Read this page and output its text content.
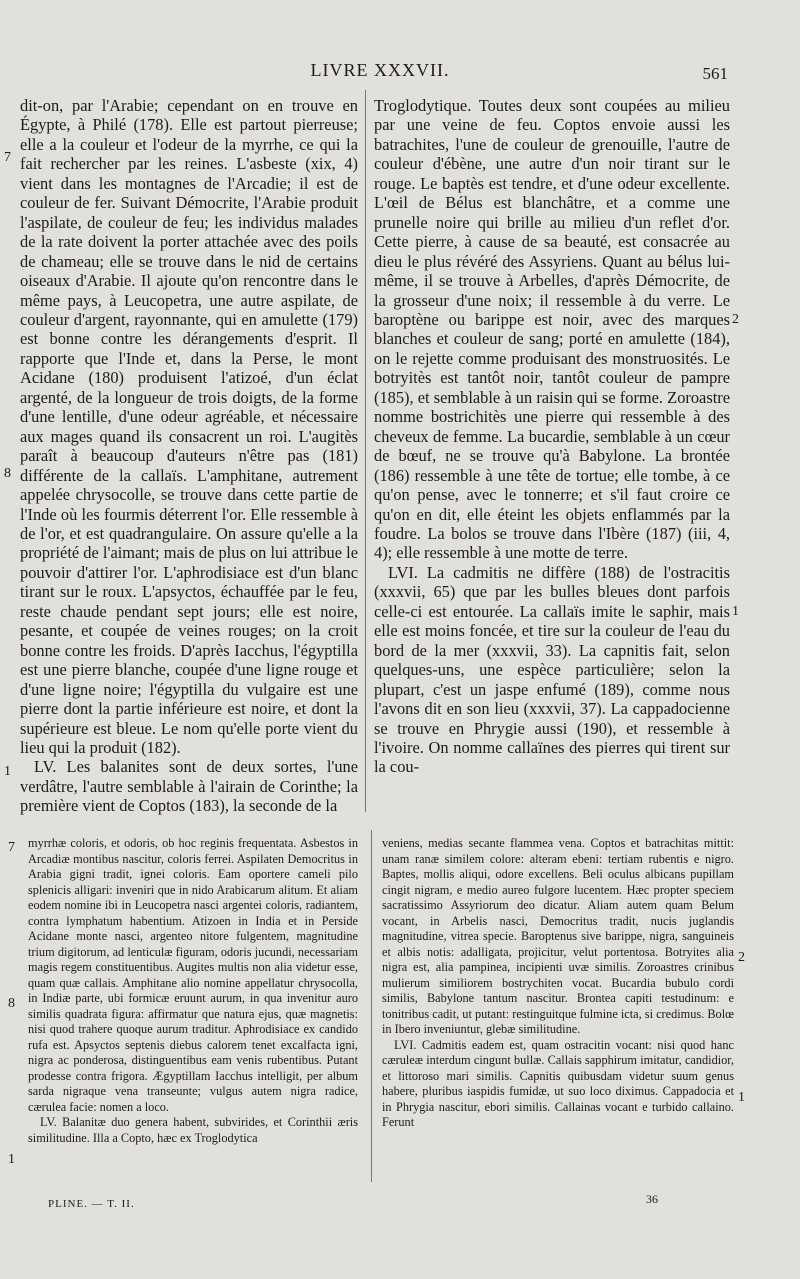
LIVRE XXXVII.	561

dit-on, par l'Arabie; cependant on en trouve en Égypte, à Philé (178). Elle est partout pierreuse; elle a la couleur et l'odeur de la myrrhe, ce qui la fait rechercher par les reines. L'asbeste (xix, 4) vient dans les montagnes de l'Arcadie; il est de couleur de fer. Suivant Démocrite, l'Arabie produit l'aspilate, de couleur de feu; les individus malades de la rate doivent la porter attachée avec des poils de chameau; elle se trouve dans le nid de certains oiseaux d'Arabie. Il ajoute qu'on rencontre dans le même pays, à Leucopetra, une autre aspilate, de couleur d'argent, rayonnante, qui en amulette (179) est bonne contre les dérangements d'esprit. Il rapporte que l'Inde et, dans la Perse, le mont Acidane (180) produisent l'atizoé, d'un éclat argenté, de la longueur de trois doigts, de la forme d'une lentille, d'une odeur agréable, et nécessaire aux mages quand ils consacrent un roi. L'augitès paraît à beaucoup d'auteurs n'être pas (181) différente de la callaïs. L'amphitane, autrement appelée chrysocolle, se trouve dans cette partie de l'Inde où les fourmis déterrent l'or. Elle ressemble à de l'or, et est quadrangulaire. On assure qu'elle a la propriété de l'aimant; mais de plus on lui attribue le pouvoir d'attirer l'or. L'aphrodisiace est d'un blanc tirant sur le roux. L'apsyctos, échauffée par le feu, reste chaude pendant sept jours; elle est noire, pesante, et coupée de veines rouges; on la croit bonne contre les froids. D'après Iacchus, l'égyptilla est une pierre blanche, coupée d'une ligne rouge et d'une ligne noire; l'égyptilla du vulgaire est une pierre dont la partie inférieure est noire, et dont la supérieure est bleue. Le nom qu'elle porte vient du lieu qui la produit (182).

LV. Les balanites sont de deux sortes, l'une verdâtre, l'autre semblable à l'airain de Corinthe; la première vient de Coptos (183), la seconde de la

Troglodytique. Toutes deux sont coupées au milieu par une veine de feu. Coptos envoie aussi les batrachites, l'une de couleur de grenouille, l'autre de couleur d'ébène, une autre d'un noir tirant sur le rouge. Le baptès est tendre, et d'une odeur excellente. L'œil de Bélus est blanchâtre, et a comme une prunelle noire qui brille au milieu d'un reflet d'or. Cette pierre, à cause de sa beauté, est consacrée au dieu le plus révéré des Assyriens. Quant au bélus lui-même, il se trouve à Arbelles, d'après Démocrite, de la grosseur d'une noix; il ressemble à du verre. Le baroptène ou barippe est noir, avec des marques blanches et couleur de sang; porté en amulette (184), on le rejette comme produisant des monstruosités. Le botryitès est tantôt noir, tantôt couleur de pampre (185), et semblable à un raisin qui se forme. Zoroastre nomme bostrichitès une pierre qui ressemble à des cheveux de femme. La bucardie, semblable à un cœur de bœuf, ne se trouve qu'à Babylone. La brontée (186) ressemble à une tête de tortue; elle tombe, à ce qu'on pense, avec le tonnerre; et s'il faut croire ce qu'on en dit, elle éteint les objets enflammés par la foudre. La bolos se trouve dans l'Ibère (187) (iii, 4, 4); elle ressemble à une motte de terre.

LVI. La cadmitis ne diffère (188) de l'ostracitis (xxxvii, 65) que par les bulles bleues dont parfois celle-ci est entourée. La callaïs imite le saphir, mais elle est moins foncée, et tire sur la couleur de l'eau du bord de la mer (xxxvii, 33). La capnitis fait, selon quelques-uns, une espèce particulière; selon la plupart, c'est un jaspe enfumé (189), comme nous l'avons dit en son lieu (xxxvii, 37). La cappadocienne se trouve en Phrygie aussi (190), et ressemble à l'ivoire. On nomme callaïnes des pierres qui tirent sur la cou-

myrrhæ coloris, et odoris, ob hoc reginis frequentata. Asbestos in Arcadiæ montibus nascitur, coloris ferrei. Aspilaten Democritus in Arabia gigni tradit, ignei coloris. Eam oportere cameli pilo splenicis alligari: inveniri que in nido Arabicarum alitum. Et aliam eodem nomine ibi in Leucopetra nasci argentei coloris, radiantem, contra lymphatum habentium. Atizoen in India et in Perside Acidane monte nasci, argenteo nitore fulgentem, magnitudine trium digitorum, ad lenticulæ figuram, odoris jucundi, necessariam magis regem constituentibus. Augites multis non alia videtur esse, quam quæ callais. Amphitane alio nomine appellatur chrysocolla, in Indiæ parte, ubi formicæ eruunt aurum, in qua invenitur auro similis quadrata figura: affirmatur que natura ejus, quæ magnetis: nisi quod trahere quoque aurum traditur. Aphrodisiace ex candido rufa est. Apsyctos septenis diebus calorem tenet excalfacta igni, nigra ac ponderosa, distinguentibus eam venis rubentibus. Putant prodesse contra frigora. Ægyptillam Iacchus intelligit, per album sarda nigraque vena transeunte; vulgus autem nigra radice, cærulea facie: nomen a loco.

LV. Balanitæ duo genera habent, subvirides, et Corinthii æris similitudine. Illa a Copto, hæc ex Troglodytica

veniens, medias secante flammea vena. Coptos et batrachitas mittit: unam ranæ similem colore: alteram ebeni: tertiam rubentis e nigro. Baptes, mollis aliqui, odore excellens. Beli oculus albicans pupillam cingit nigram, e medio aureo fulgore lucentem. Hæc propter speciem sacratissimo Assyriorum deo dicatur. Aliam autem quam Belum vocant, in Arbelis nasci, Democritus tradit, nucis juglandis magnitudine, vitrea specie. Baroptenus sive barippe, nigra, sanguineis et albis notis: adalligata, projicitur, velut portentosa. Botryites alia nigra est, alia pampinea, incipienti uvæ similis. Zoroastres crinibus mulierum similiorem bostrychiten vocat. Bucardia bubulo cordi similis, Babylone tantum nascitur. Brontea capiti testudinum: e tonitribus cadit, ut putant: restinguitque fulmine icta, si credimus. Bolœ in Ibero inveniuntur, glebæ similitudine.

LVI. Cadmitis eadem est, quam ostracitin vocant: nisi quod hanc cæruleæ interdum cingunt bullæ. Callais sapphirum imitatur, candidior, et littoroso mari similis. Capnitis quibusdam videtur suum genus habere, pluribus iaspidis fumidæ, ut suo loco diximus. Cappadocia et in Phrygia nascitur, ebori similis. Callainas vocant e turbido callaino. Ferunt

7
8
1
2
1
7
8
1
2
1
PLINE. — T. II.	36
